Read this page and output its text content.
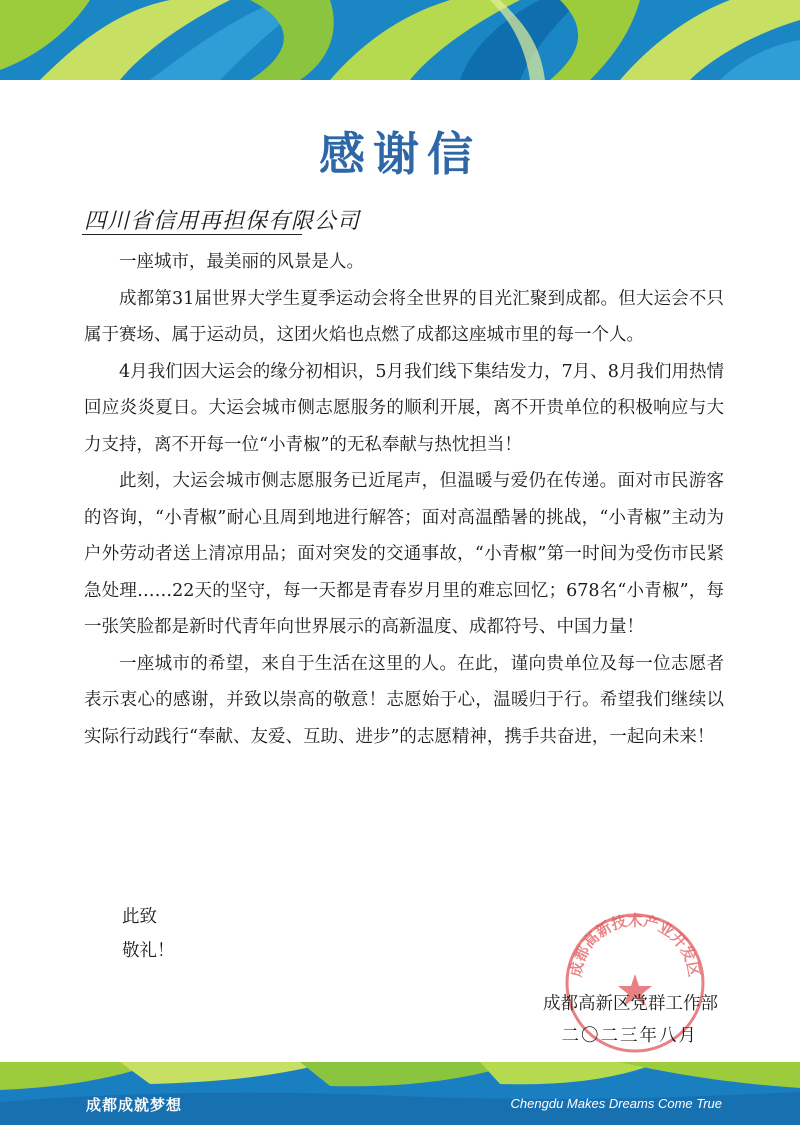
感谢信
四川省信用再担保有限公司

一座城市，最美丽的风景是人。

成都第31届世界大学生夏季运动会将全世界的目光汇聚到成都。但大运会不只属于赛场、属于运动员，这团火焰也点燃了成都这座城市里的每一个人。

4月我们因大运会的缘分初相识，5月我们线下集结发力，7月、8月我们用热情回应炎炎夏日。大运会城市侧志愿服务的顺利开展，离不开贵单位的积极响应与大力支持，离不开每一位“小青椒”的无私奉献与热忱担当！

此刻，大运会城市侧志愿服务已近尾声，但温暖与爱仍在传递。面对市民游客的咨询，“小青椒”耐心且周到地进行解答；面对高温酷暑的挑战，“小青椒”主动为户外劳动者送上清凉用品；面对突发的交通事故，“小青椒”第一时间为受伤市民紧急处理……22天的坚守，每一天都是青春岁月里的难忘回忆；678名“小青椒”，每一张笑脸都是新时代青年向世界展示的高新温度、成都符号、中国力量！

一座城市的希望，来自于生活在这里的人。在此，谨向贵单位及每一位志愿者表示衷心的感谢，并致以崇高的敬意！志愿始于心，温暖归于行。希望我们继续以实际行动践行“奉献、友爱、互助、进步”的志愿精神，携手共奋进，一起向未来！

此致
敬礼！
成都高新技术产业开发区
成都高新区党群工作部
二〇二三年八月
成都成就梦想	Chengdu Makes Dreams Come True
